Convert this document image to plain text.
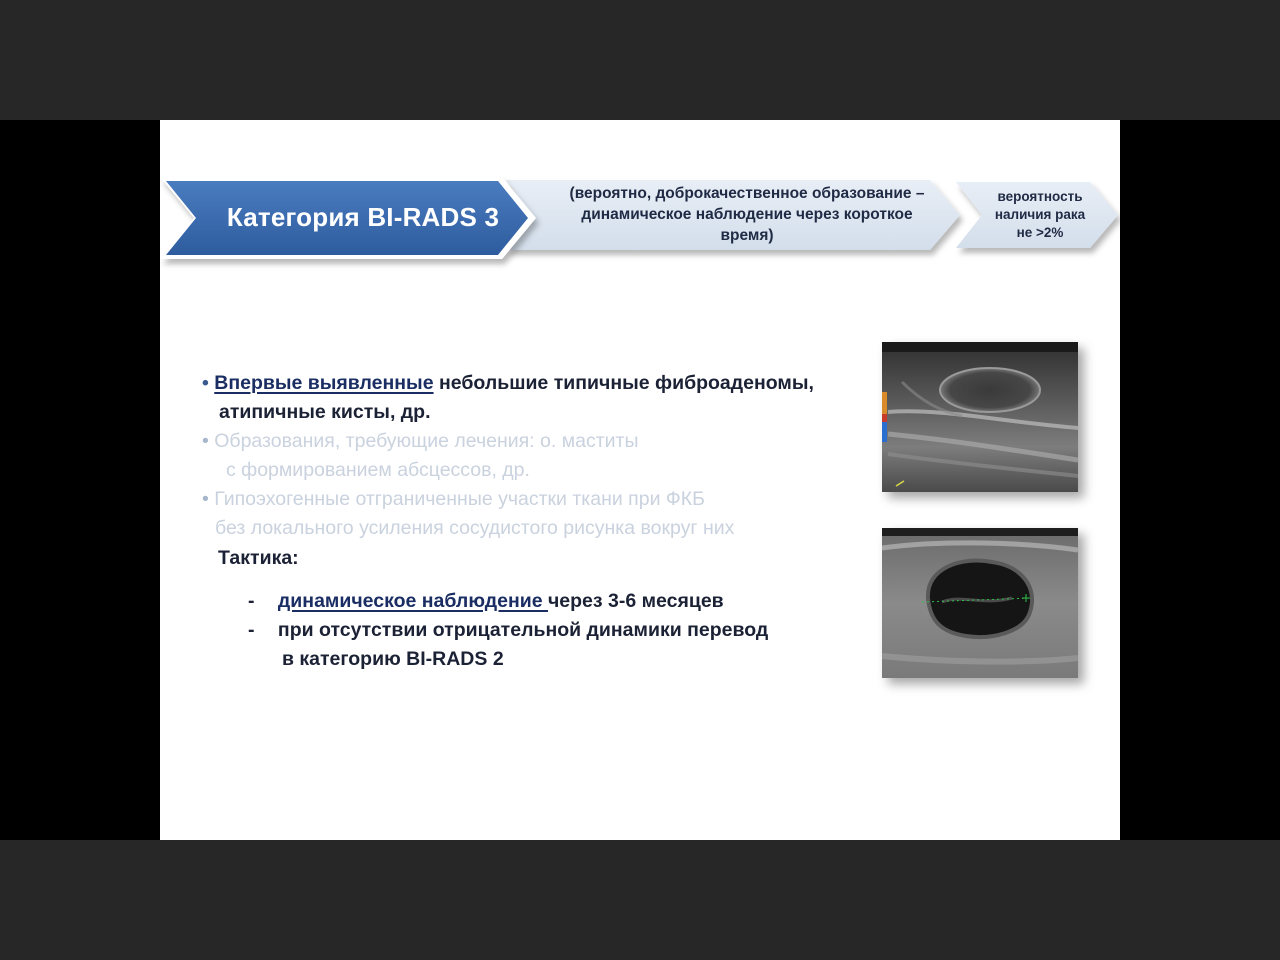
Категория BI-RADS 3
(вероятно, доброкачественное образование –
динамическое наблюдение через короткое
время)
вероятность
наличия рака
не >2%
• Впервые выявленные небольшие типичные фиброаденомы,
атипичные кисты, др.
• Образования, требующие лечения: о. маститы
с формированием абсцессов, др.
• Гипоэхогенные отграниченные участки ткани при ФКБ
без локального усиления сосудистого рисунка вокруг них
Тактика:
- динамическое наблюдение через 3-6 месяцев
- при отсутствии отрицательной динамики перевод
в категорию BI-RADS 2
